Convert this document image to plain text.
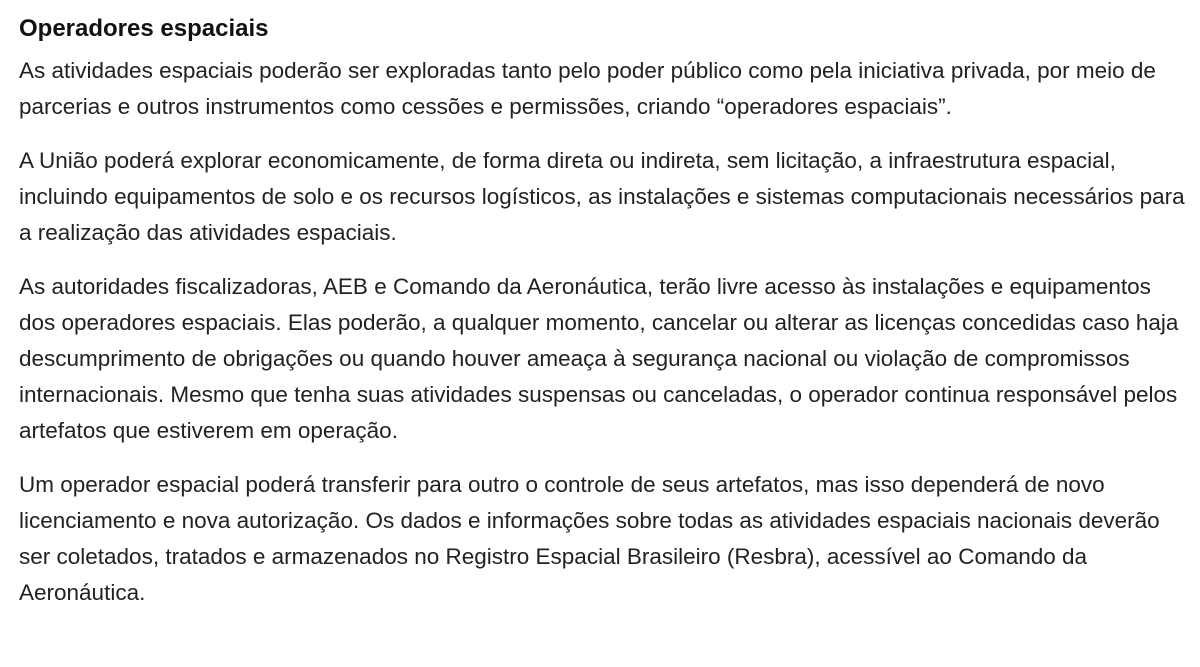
Operadores espaciais

As atividades espaciais poderão ser exploradas tanto pelo poder público como pela iniciativa privada, por meio de parcerias e outros instrumentos como cessões e permissões, criando “operadores espaciais”.

A União poderá explorar economicamente, de forma direta ou indireta, sem licitação, a infraestrutura espacial, incluindo equipamentos de solo e os recursos logísticos, as instalações e sistemas computacionais necessários para a realização das atividades espaciais.

As autoridades fiscalizadoras, AEB e Comando da Aeronáutica, terão livre acesso às instalações e equipamentos dos operadores espaciais. Elas poderão, a qualquer momento, cancelar ou alterar as licenças concedidas caso haja descumprimento de obrigações ou quando houver ameaça à segurança nacional ou violação de compromissos internacionais. Mesmo que tenha suas atividades suspensas ou canceladas, o operador continua responsável pelos artefatos que estiverem em operação.

Um operador espacial poderá transferir para outro o controle de seus artefatos, mas isso dependerá de novo licenciamento e nova autorização. Os dados e informações sobre todas as atividades espaciais nacionais deverão ser coletados, tratados e armazenados no Registro Espacial Brasileiro (Resbra), acessível ao Comando da Aeronáutica.
